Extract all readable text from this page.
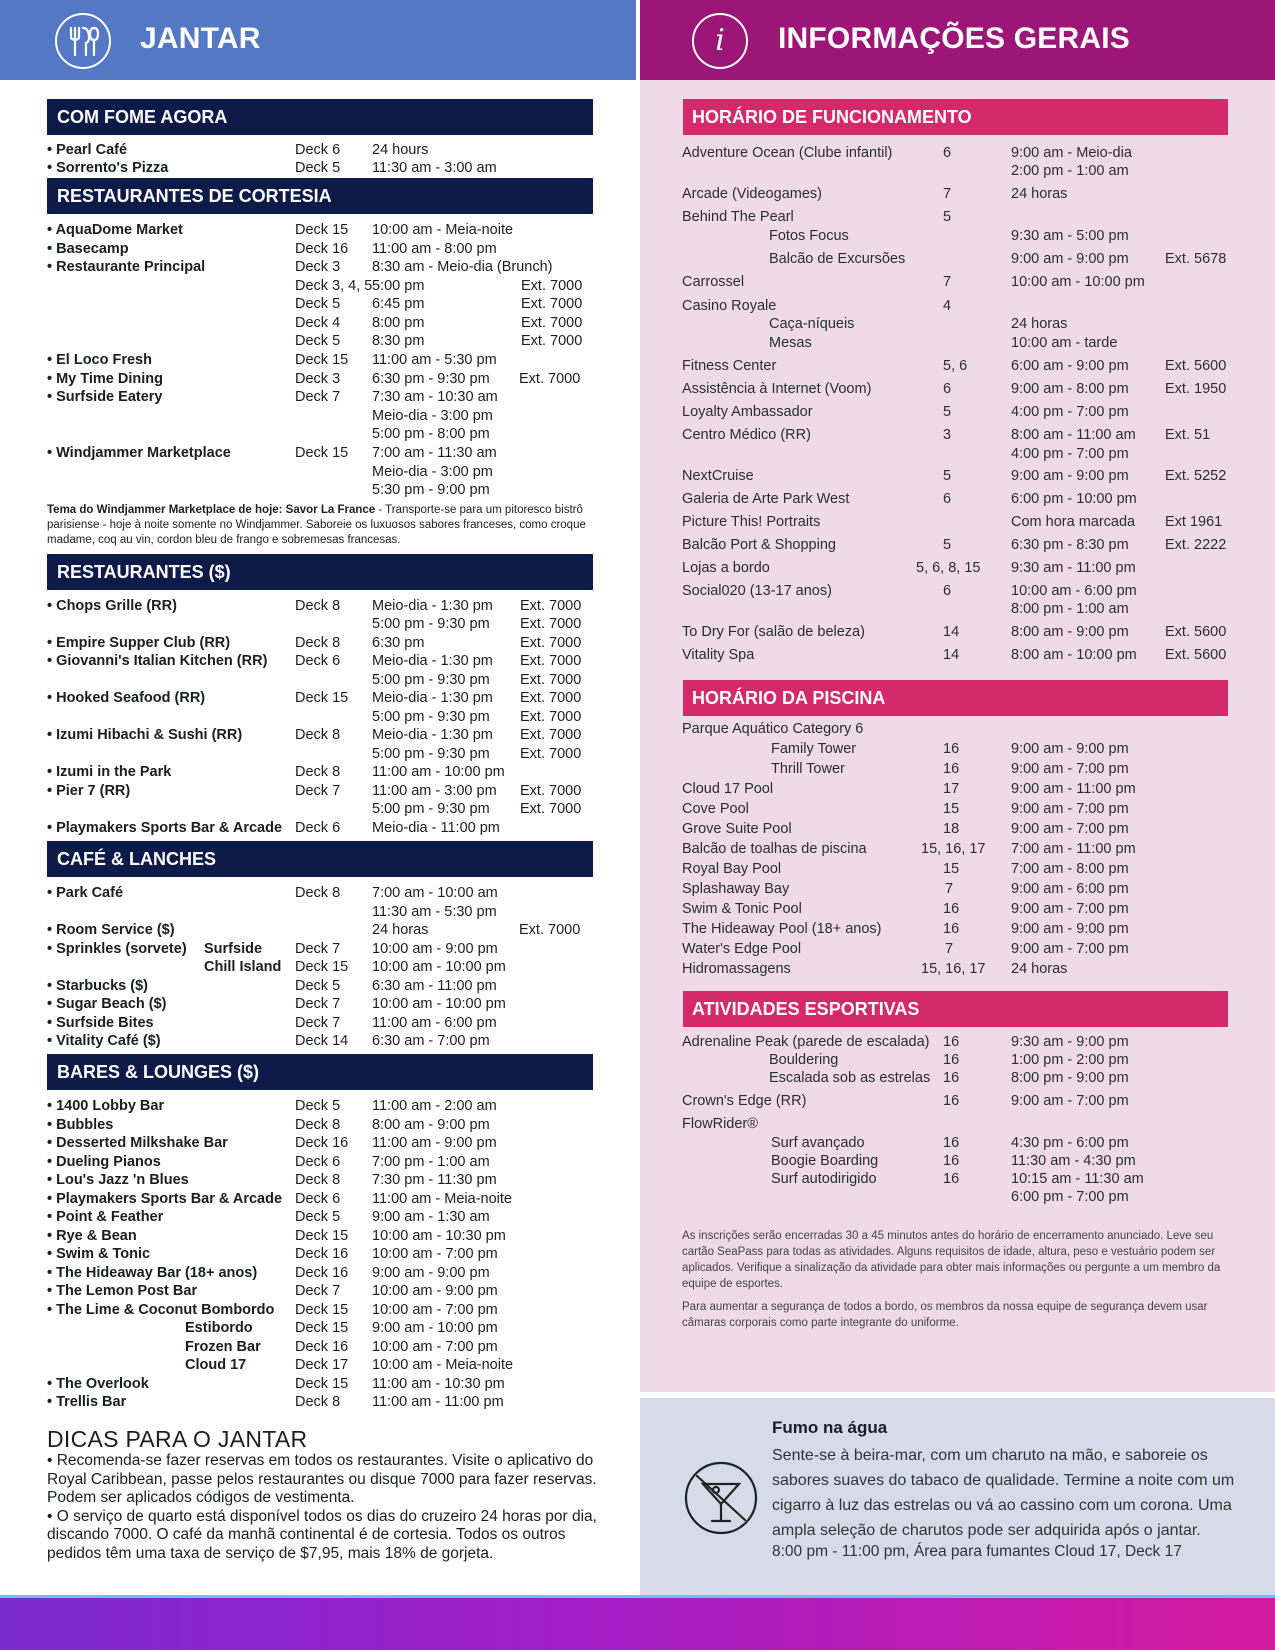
JANTAR	i INFORMAÇÕES GERAIS
COM FOME AGORA
RESTAURANTES DE CORTESIA
RESTAURANTES ($)
CAFÉ & LANCHES
BARES & LOUNGES ($)
• Pearl Café	Deck 6 24 hours
• Sorrento's Pizza	Deck 5 11:30 am - 3:00 am
• AquaDome Market	Deck 15 10:00 am - Meia-noite
• Basecamp	Deck 16 11:00 am - 8:00 pm
• Restaurante Principal	Deck 3 8:30 am - Meio-dia (Brunch)
Deck 3, 4, 5 5:00 pm	Ext. 7000
Deck 5 6:45 pm	Ext. 7000
Deck 4 8:00 pm	Ext. 7000
Deck 5 8:30 pm	Ext. 7000
• El Loco Fresh	Deck 15 11:00 am - 5:30 pm
• My Time Dining	Deck 3 6:30 pm - 9:30 pm Ext. 7000
• Surfside Eatery	Deck 7 7:30 am - 10:30 am
Meio-dia - 3:00 pm
5:00 pm - 8:00 pm
• Windjammer Marketplace	Deck 15 7:00 am - 11:30 am
Meio-dia - 3:00 pm
5:30 pm - 9:00 pm
Tema do Windjammer Marketplace de hoje: Savor La France - Transporte-se para um pitoresco bistrô parisiense - hoje à noite somente no Windjammer. Saboreie os luxuosos sabores franceses, como croque madame, coq au vin, cordon bleu de frango e sobremesas francesas.
• Chops Grille (RR)	Deck 8 Meio-dia - 1:30 pm Ext. 7000
5:00 pm - 9:30 pm Ext. 7000
• Empire Supper Club (RR)	Deck 8 6:30 pm	Ext. 7000
• Giovanni's Italian Kitchen (RR) Deck 6 Meio-dia - 1:30 pm Ext. 7000
5:00 pm - 9:30 pm Ext. 7000
• Hooked Seafood (RR)	Deck 15 Meio-dia - 1:30 pm Ext. 7000
5:00 pm - 9:30 pm Ext. 7000
• Izumi Hibachi & Sushi (RR)	Deck 8 Meio-dia - 1:30 pm Ext. 7000
5:00 pm - 9:30 pm Ext. 7000
• Izumi in the Park	Deck 8 11:00 am - 10:00 pm
• Pier 7 (RR)	Deck 7 11:00 am - 3:00 pm Ext. 7000
5:00 pm - 9:30 pm Ext. 7000
• Playmakers Sports Bar & Arcade Deck 6 Meio-dia - 11:00 pm
• Park Café	Deck 8 7:00 am - 10:00 am
11:30 am - 5:30 pm
• Room Service ($)	24 horas	Ext. 7000
• Sprinkles (sorvete) Surfside Deck 7 10:00 am - 9:00 pm
Chill Island Deck 15 10:00 am - 10:00 pm
• Starbucks ($)	Deck 5 6:30 am - 11:00 pm
• Sugar Beach ($)	Deck 7 10:00 am - 10:00 pm
• Surfside Bites	Deck 7 11:00 am - 6:00 pm
• Vitality Café ($)	Deck 14 6:30 am - 7:00 pm
• 1400 Lobby Bar	Deck 5 11:00 am - 2:00 am
• Bubbles	Deck 8 8:00 am - 9:00 pm
• Desserted Milkshake Bar	Deck 16 11:00 am - 9:00 pm
• Dueling Pianos	Deck 6 7:00 pm - 1:00 am
• Lou's Jazz 'n Blues	Deck 8 7:30 pm - 11:30 pm
• Playmakers Sports Bar & Arcade Deck 6 11:00 am - Meia-noite
• Point & Feather	Deck 5 9:00 am - 1:30 am
• Rye & Bean	Deck 15 10:00 am - 10:30 pm
• Swim & Tonic	Deck 16 10:00 am - 7:00 pm
• The Hideaway Bar (18+ anos)	Deck 16 9:00 am - 9:00 pm
• The Lemon Post Bar	Deck 7 10:00 am - 9:00 pm
• The Lime & Coconut Bombordo Deck 15 10:00 am - 7:00 pm
Estibordo	Deck 15 9:00 am - 10:00 pm
Frozen Bar Deck 16 10:00 am - 7:00 pm
Cloud 17	Deck 17 10:00 am - Meia-noite
• The Overlook	Deck 15 11:00 am - 10:30 pm
• Trellis Bar	Deck 8 11:00 am - 11:00 pm
DICAS PARA O JANTAR
• Recomenda-se fazer reservas em todos os restaurantes. Visite o aplicativo do Royal Caribbean, passe pelos restaurantes ou disque 7000 para fazer reservas. Podem ser aplicados códigos de vestimenta.
• O serviço de quarto está disponível todos os dias do cruzeiro 24 horas por dia, discando 7000. O café da manhã continental é de cortesia. Todos os outros pedidos têm uma taxa de serviço de $7,95, mais 18% de gorjeta.
HORÁRIO DE FUNCIONAMENTO
HORÁRIO DA PISCINA
ATIVIDADES ESPORTIVAS
Adventure Ocean (Clube infantil)	6	9:00 am - Meio-dia
2:00 pm - 1:00 am
Arcade (Videogames)	7	24 horas
Behind The Pearl	5
Fotos Focus	9:30 am - 5:00 pm
Balcão de Excursões	9:00 am - 9:00 pm	Ext. 5678
Carrossel	7	10:00 am - 10:00 pm
Casino Royale	4
Caça-níqueis	24 horas
Mesas	10:00 am - tarde
Fitness Center	5, 6	6:00 am - 9:00 pm	Ext. 5600
Assistência à Internet (Voom)	6	9:00 am - 8:00 pm	Ext. 1950
Loyalty Ambassador	5	4:00 pm - 7:00 pm
Centro Médico (RR)	3	8:00 am - 11:00 am Ext. 51
4:00 pm - 7:00 pm
NextCruise	5	9:00 am - 9:00 pm	Ext. 5252
Galeria de Arte Park West	6	6:00 pm - 10:00 pm
Picture This! Portraits	Com hora marcada Ext 1961
Balcão Port & Shopping	5	6:30 pm - 8:30 pm	Ext. 2222
Lojas a bordo	5, 6, 8, 15 9:30 am - 11:00 pm
Social020 (13-17 anos)	6	10:00 am - 6:00 pm
8:00 pm - 1:00 am
To Dry For (salão de beleza)	14	8:00 am - 9:00 pm	Ext. 5600
Vitality Spa	14	8:00 am - 10:00 pm Ext. 5600
Parque Aquático Category 6
Family Tower	16	9:00 am - 9:00 pm
Thrill Tower	16	9:00 am - 7:00 pm
Cloud 17 Pool	17	9:00 am - 11:00 pm
Cove Pool	15	9:00 am - 7:00 pm
Grove Suite Pool	18	9:00 am - 7:00 pm
Balcão de toalhas de piscina	15, 16, 17 7:00 am - 11:00 pm
Royal Bay Pool	15	7:00 am - 8:00 pm
Splashaway Bay	7	9:00 am - 6:00 pm
Swim & Tonic Pool	16	9:00 am - 7:00 pm
The Hideaway Pool (18+ anos)	16	9:00 am - 9:00 pm
Water's Edge Pool	7	9:00 am - 7:00 pm
Hidromassagens	15, 16, 17 24 horas
Adrenaline Peak (parede de escalada) 16	9:30 am - 9:00 pm
Bouldering	16	1:00 pm - 2:00 pm
Escalada sob as estrelas 16	8:00 pm - 9:00 pm
Crown's Edge (RR)	16	9:00 am - 7:00 pm
FlowRider®
Surf avançado	16	4:30 pm - 6:00 pm
Boogie Boarding	16	11:30 am - 4:30 pm
Surf autodirigido	16	10:15 am - 11:30 am
6:00 pm - 7:00 pm
As inscrições serão encerradas 30 a 45 minutos antes do horário de encerramento anunciado. Leve seu cartão SeaPass para todas as atividades. Alguns requisitos de idade, altura, peso e vestuário podem ser aplicados. Verifique a sinalização da atividade para obter mais informações ou pergunte a um membro da equipe de esportes.
Para aumentar a segurança de todos a bordo, os membros da nossa equipe de segurança devem usar câmaras corporais como parte integrante do uniforme.
Fumo na água
Sente-se à beira-mar, com um charuto na mão, e saboreie os sabores suaves do tabaco de qualidade. Termine a noite com um cigarro à luz das estrelas ou vá ao cassino com um corona. Uma ampla seleção de charutos pode ser adquirida após o jantar.
8:00 pm - 11:00 pm, Área para fumantes Cloud 17, Deck 17
